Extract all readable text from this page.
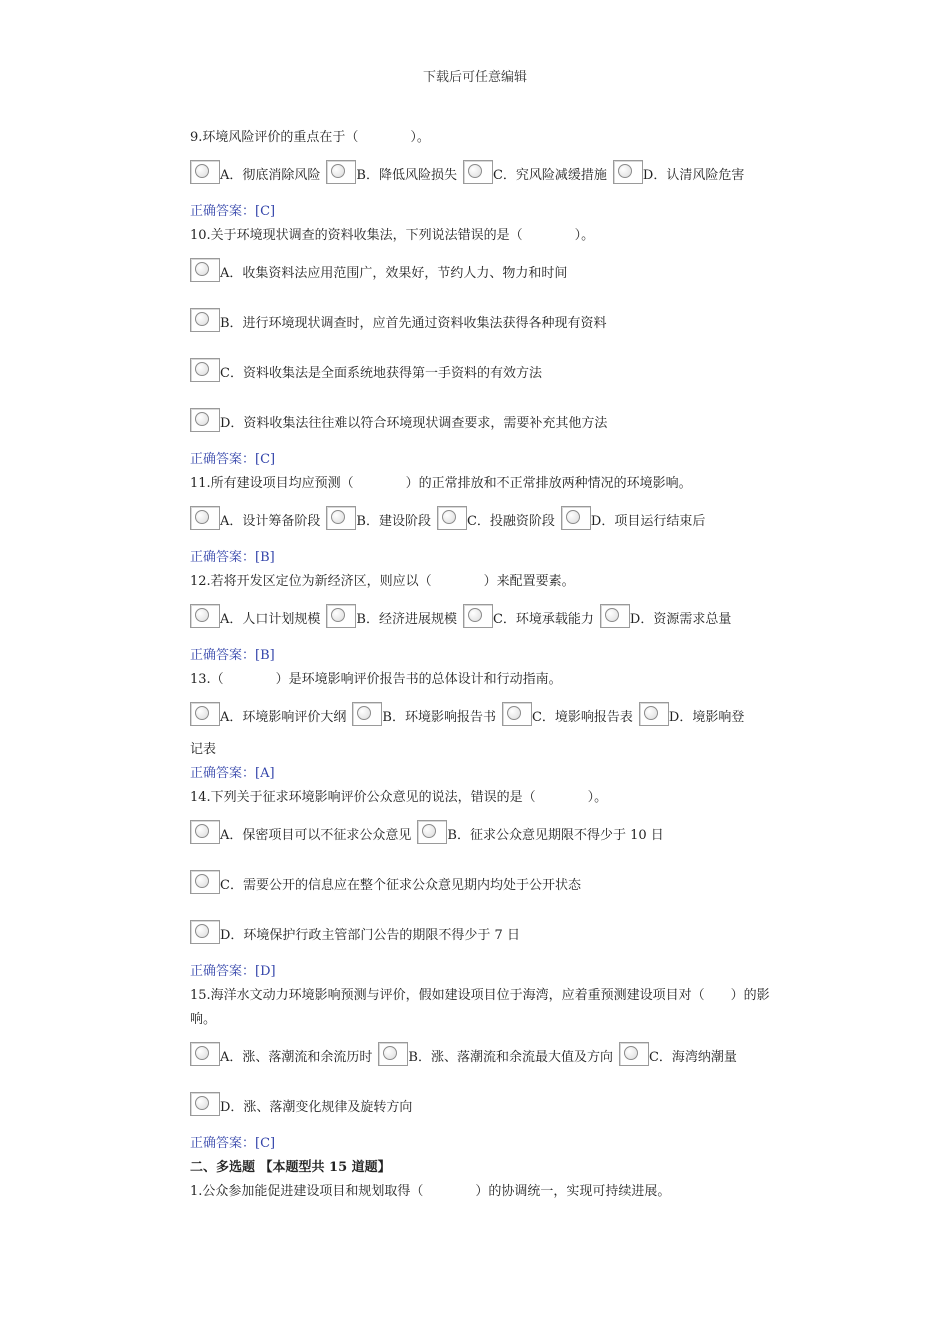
下载后可任意编辑
9.环境风险评价的重点在于（　　　　）。
A．彻底消除风险	B．降低风险损失	C．究风险减缓措施	D．认清风险危害
正确答案：[C]
10.关于环境现状调查的资料收集法，下列说法错误的是（　　　　）。
A．收集资料法应用范围广，效果好，节约人力、物力和时间
B．进行环境现状调查时，应首先通过资料收集法获得各种现有资料
C．资料收集法是全面系统地获得第一手资料的有效方法
D．资料收集法往往难以符合环境现状调查要求，需要补充其他方法
正确答案：[C]
11.所有建设项目均应预测（　　　　）的正常排放和不正常排放两种情况的环境影响。
A．设计筹备阶段	B．建设阶段	C．投融资阶段	D．项目运行结束后
正确答案：[B]
12.若将开发区定位为新经济区，则应以（　　　　）来配置要素。
A．人口计划规模	B．经济进展规模	C．环境承载能力	D．资源需求总量
正确答案：[B]
13.（　　　　）是环境影响评价报告书的总体设计和行动指南。
A．环境影响评价大纲	B．环境影响报告书	C．境影响报告表	D．境影响登
记表
正确答案：[A]
14.下列关于征求环境影响评价公众意见的说法，错误的是（　　　　）。
A．保密项目可以不征求公众意见	B．征求公众意见期限不得少于 10 日
C．需要公开的信息应在整个征求公众意见期内均处于公开状态
D．环境保护行政主管部门公告的期限不得少于 7 日
正确答案：[D]
15.海洋水文动力环境影响预测与评价，假如建设项目位于海湾，应着重预测建设项目对（　　）的影响。
A．涨、落潮流和余流历时	B．涨、落潮流和余流最大值及方向	C．海湾纳潮量
D．涨、落潮变化规律及旋转方向
正确答案：[C]
二、多选题 【本题型共 15 道题】
1.公众参加能促进建设项目和规划取得（　　　　）的协调统一，实现可持续进展。
